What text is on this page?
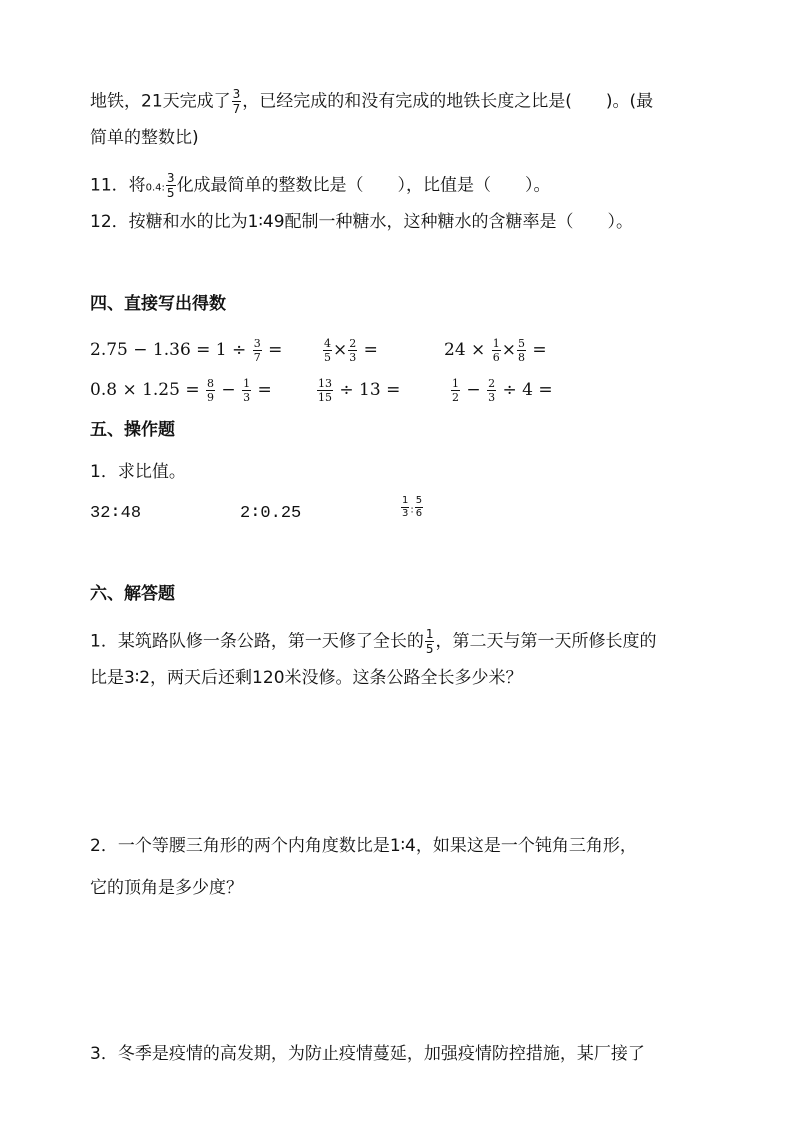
地铁，21天完成了 $\frac{3}{7}$ ，已经完成的和没有完成的地铁长度之比是(　　)。(最
简单的整数比)
11．将0.4: $\frac{3}{5}$ 化成最简单的整数比是（　　），比值是（　　）。
12．按糖和水的比为1∶49配制一种糖水，这种糖水的含糖率是（　　）。
四、直接写出得数
$2.75 - 1.36 = 1 \div \frac{3}{7}$ =	$\frac{4}{5} \times \frac{2}{3}$ =	$24 \times \frac{1}{6} \times \frac{5}{8}$ =
$0.8 \times 1.25 = \frac{8}{9} - \frac{1}{3}$ =	$\frac{13}{15} \div 13$ =	$\frac{1}{2} - \frac{2}{3} \div 4$ =
五、操作题
1．求比值。
32∶48	2∶0.25	$\frac{1}{3}$ : $\frac{5}{6}$
六、解答题
1．某筑路队修一条公路，第一天修了全长的 $\frac{1}{5}$ ，第二天与第一天所修长度的
比是3∶2，两天后还剩120米没修。这条公路全长多少米？
2．一个等腰三角形的两个内角度数比是1∶4，如果这是一个钝角三角形，
它的顶角是多少度？
3．冬季是疫情的高发期，为防止疫情蔓延，加强疫情防控措施，某厂接了
